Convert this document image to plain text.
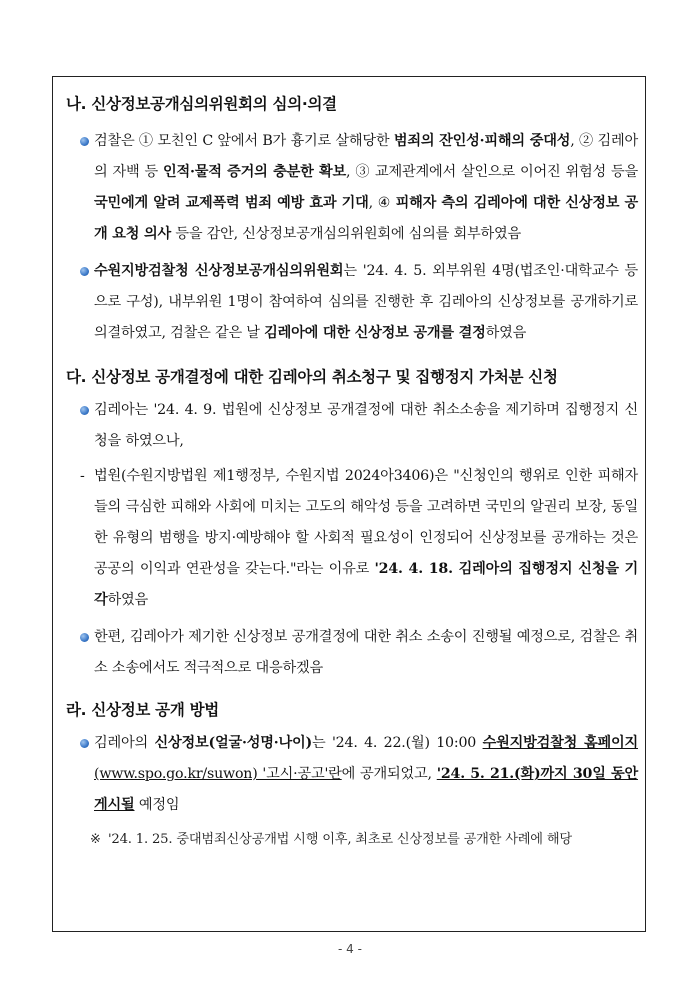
나. 신상정보공개심의위원회의 심의·의결
검찰은 ① 모친인 C 앞에서 B가 흉기로 살해당한 범죄의 잔인성·피해의 중대성, ② 김레아의 자백 등 인적·물적 증거의 충분한 확보, ③ 교제관계에서 살인으로 이어진 위험성 등을 국민에게 알려 교제폭력 범죄 예방 효과 기대, ④ 피해자 측의 김레아에 대한 신상정보 공개 요청 의사 등을 감안, 신상정보공개심의위원회에 심의를 회부하였음
수원지방검찰청 신상정보공개심의위원회는 '24. 4. 5. 외부위원 4명(법조인·대학교수 등으로 구성), 내부위원 1명이 참여하여 심의를 진행한 후 김레아의 신상정보를 공개하기로 의결하였고, 검찰은 같은 날 김레아에 대한 신상정보 공개를 결정하였음
다. 신상정보 공개결정에 대한 김레아의 취소청구 및 집행정지 가처분 신청
김레아는 '24. 4. 9. 법원에 신상정보 공개결정에 대한 취소소송을 제기하며 집행정지 신청을 하였으나,
- 법원(수원지방법원 제1행정부, 수원지법 2024아3406)은 "신청인의 행위로 인한 피해자들의 극심한 피해와 사회에 미치는 고도의 해악성 등을 고려하면 국민의 알권리 보장, 동일한 유형의 범행을 방지·예방해야 할 사회적 필요성이 인정되어 신상정보를 공개하는 것은 공공의 이익과 연관성을 갖는다."라는 이유로 '24. 4. 18. 김레아의 집행정지 신청을 기각하였음
한편, 김레아가 제기한 신상정보 공개결정에 대한 취소 소송이 진행될 예정으로, 검찰은 취소 소송에서도 적극적으로 대응하겠음
라. 신상정보 공개 방법
김레아의 신상정보(얼굴·성명·나이)는 '24. 4. 22.(월) 10:00 수원지방검찰청 홈페이지(www.spo.go.kr/suwon) '고시·공고'란에 공개되었고, '24. 5. 21.(화)까지 30일 동안 게시될 예정임
※ '24. 1. 25. 중대범죄신상공개법 시행 이후, 최초로 신상정보를 공개한 사례에 해당
- 4 -
